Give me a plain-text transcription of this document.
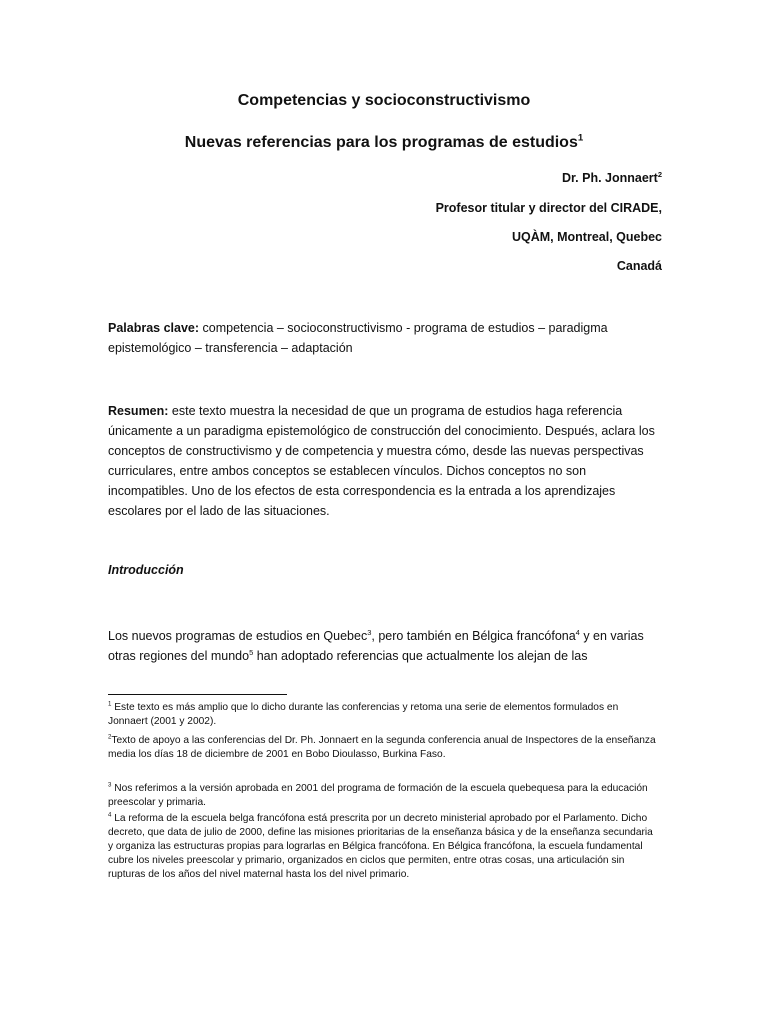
Competencias y socioconstructivismo
Nuevas referencias para los programas de estudios$^1$
Dr. Ph. Jonnaert$^2$
Profesor titular y director del CIRADE,
UQÀM, Montreal, Quebec
Canadá

Palabras clave: competencia – socioconstructivismo - programa de estudios – paradigma epistemológico – transferencia – adaptación

Resumen: este texto muestra la necesidad de que un programa de estudios haga referencia únicamente a un paradigma epistemológico de construcción del conocimiento. Después, aclara los conceptos de constructivismo y de competencia y muestra cómo, desde las nuevas perspectivas curriculares, entre ambos conceptos se establecen vínculos. Dichos conceptos no son incompatibles. Uno de los efectos de esta correspondencia es la entrada a los aprendizajes escolares por el lado de las situaciones.

Introducción

Los nuevos programas de estudios en Quebec$^3$, pero también en Bélgica francófona$^4$ y en varias otras regiones del mundo$^5$ han adoptado referencias que actualmente los alejan de las

$^1$ Este texto es más amplio que lo dicho durante las conferencias y retoma una serie de elementos formulados en Jonnaert (2001 y 2002).

$^2$Texto de apoyo a las conferencias del Dr. Ph. Jonnaert en la segunda conferencia anual de Inspectores de la enseñanza media los días 18 de diciembre de 2001 en Bobo Dioulasso, Burkina Faso.

$^3$ Nos referimos a la versión aprobada en 2001 del programa de formación de la escuela quebequesa para la educación preescolar y primaria.

$^4$ La reforma de la escuela belga francófona está prescrita por un decreto ministerial aprobado por el Parlamento. Dicho decreto, que data de julio de 2000, define las misiones prioritarias de la enseñanza básica y de la enseñanza secundaria y organiza las estructuras propias para lograrlas en Bélgica francófona. En Bélgica francófona, la escuela fundamental cubre los niveles preescolar y primario, organizados en ciclos que permiten, entre otras cosas, una articulación sin rupturas de los años del nivel maternal hasta los del nivel primario.
